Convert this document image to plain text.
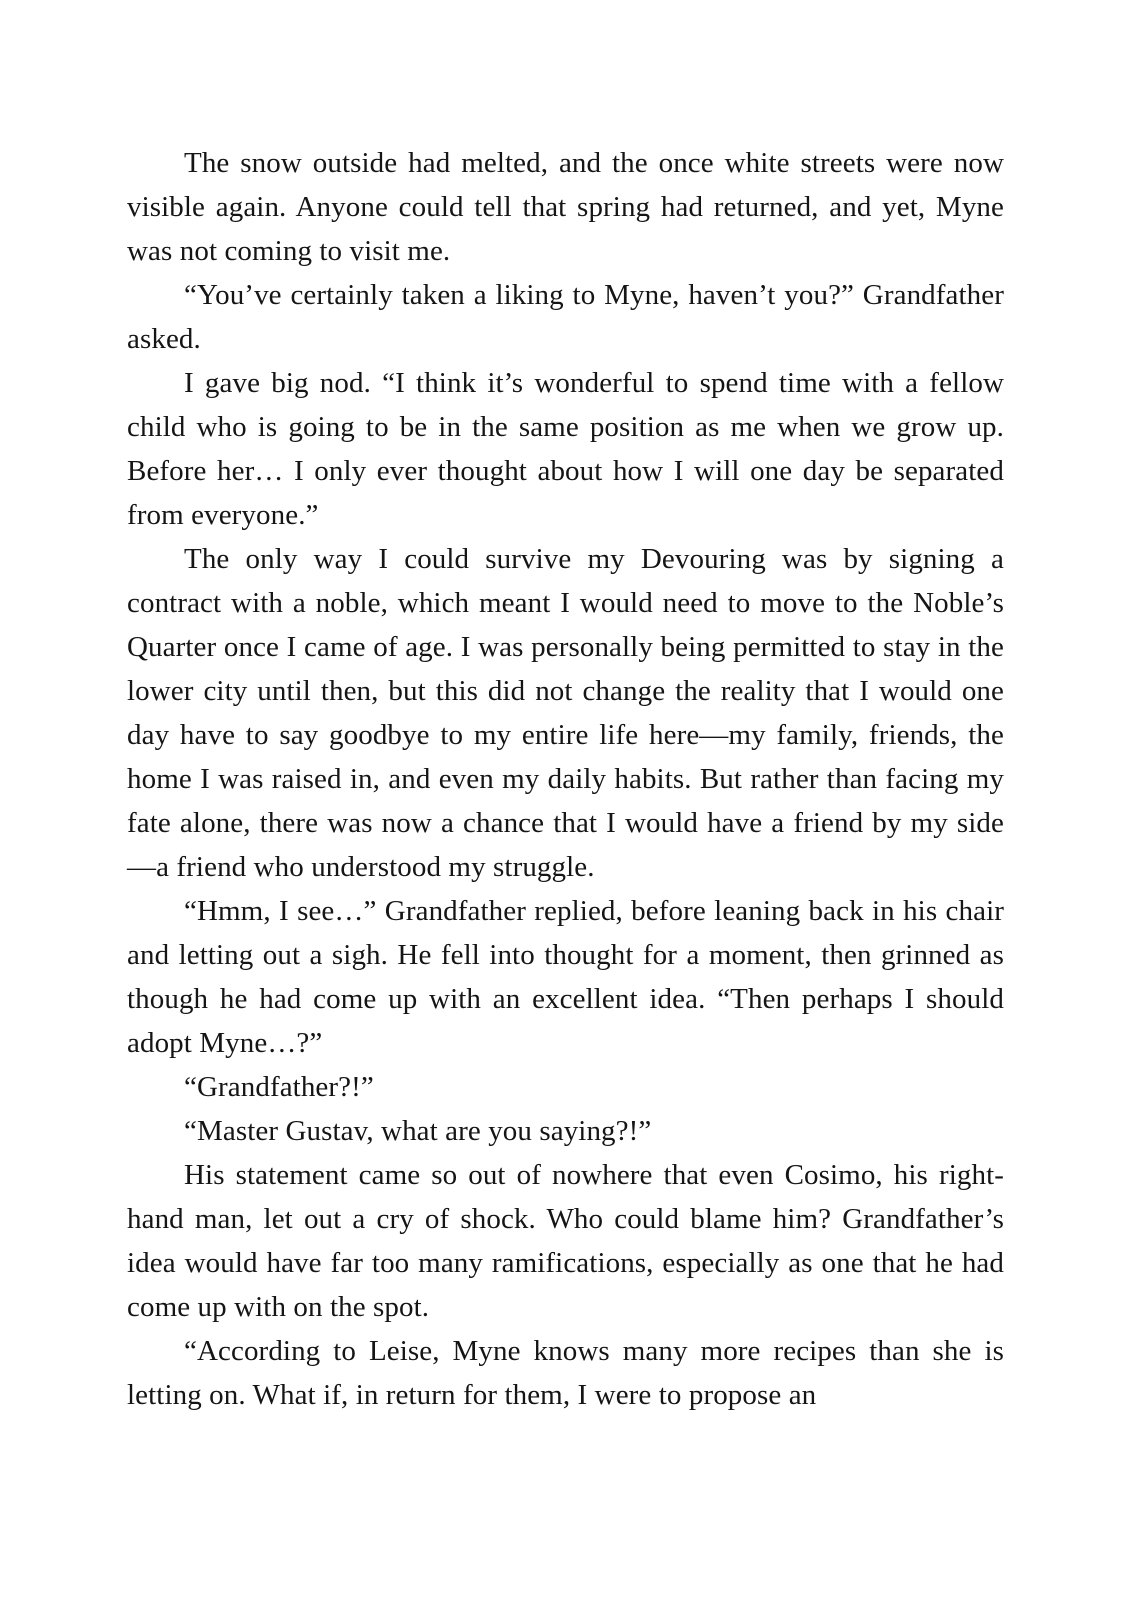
The snow outside had melted, and the once white streets were now visible again. Anyone could tell that spring had returned, and yet, Myne was not coming to visit me.

“You’ve certainly taken a liking to Myne, haven’t you?” Grandfather asked.

I gave big nod. “I think it’s wonderful to spend time with a fellow child who is going to be in the same position as me when we grow up. Before her… I only ever thought about how I will one day be separated from everyone.”

The only way I could survive my Devouring was by signing a contract with a noble, which meant I would need to move to the Noble’s Quarter once I came of age. I was personally being permitted to stay in the lower city until then, but this did not change the reality that I would one day have to say goodbye to my entire life here—my family, friends, the home I was raised in, and even my daily habits. But rather than facing my fate alone, there was now a chance that I would have a friend by my side—a friend who understood my struggle.

“Hmm, I see…” Grandfather replied, before leaning back in his chair and letting out a sigh. He fell into thought for a moment, then grinned as though he had come up with an excellent idea. “Then perhaps I should adopt Myne…?”

“Grandfather?!”

“Master Gustav, what are you saying?!”

His statement came so out of nowhere that even Cosimo, his right-hand man, let out a cry of shock. Who could blame him? Grandfather’s idea would have far too many ramifications, especially as one that he had come up with on the spot.

“According to Leise, Myne knows many more recipes than she is letting on. What if, in return for them, I were to propose an
